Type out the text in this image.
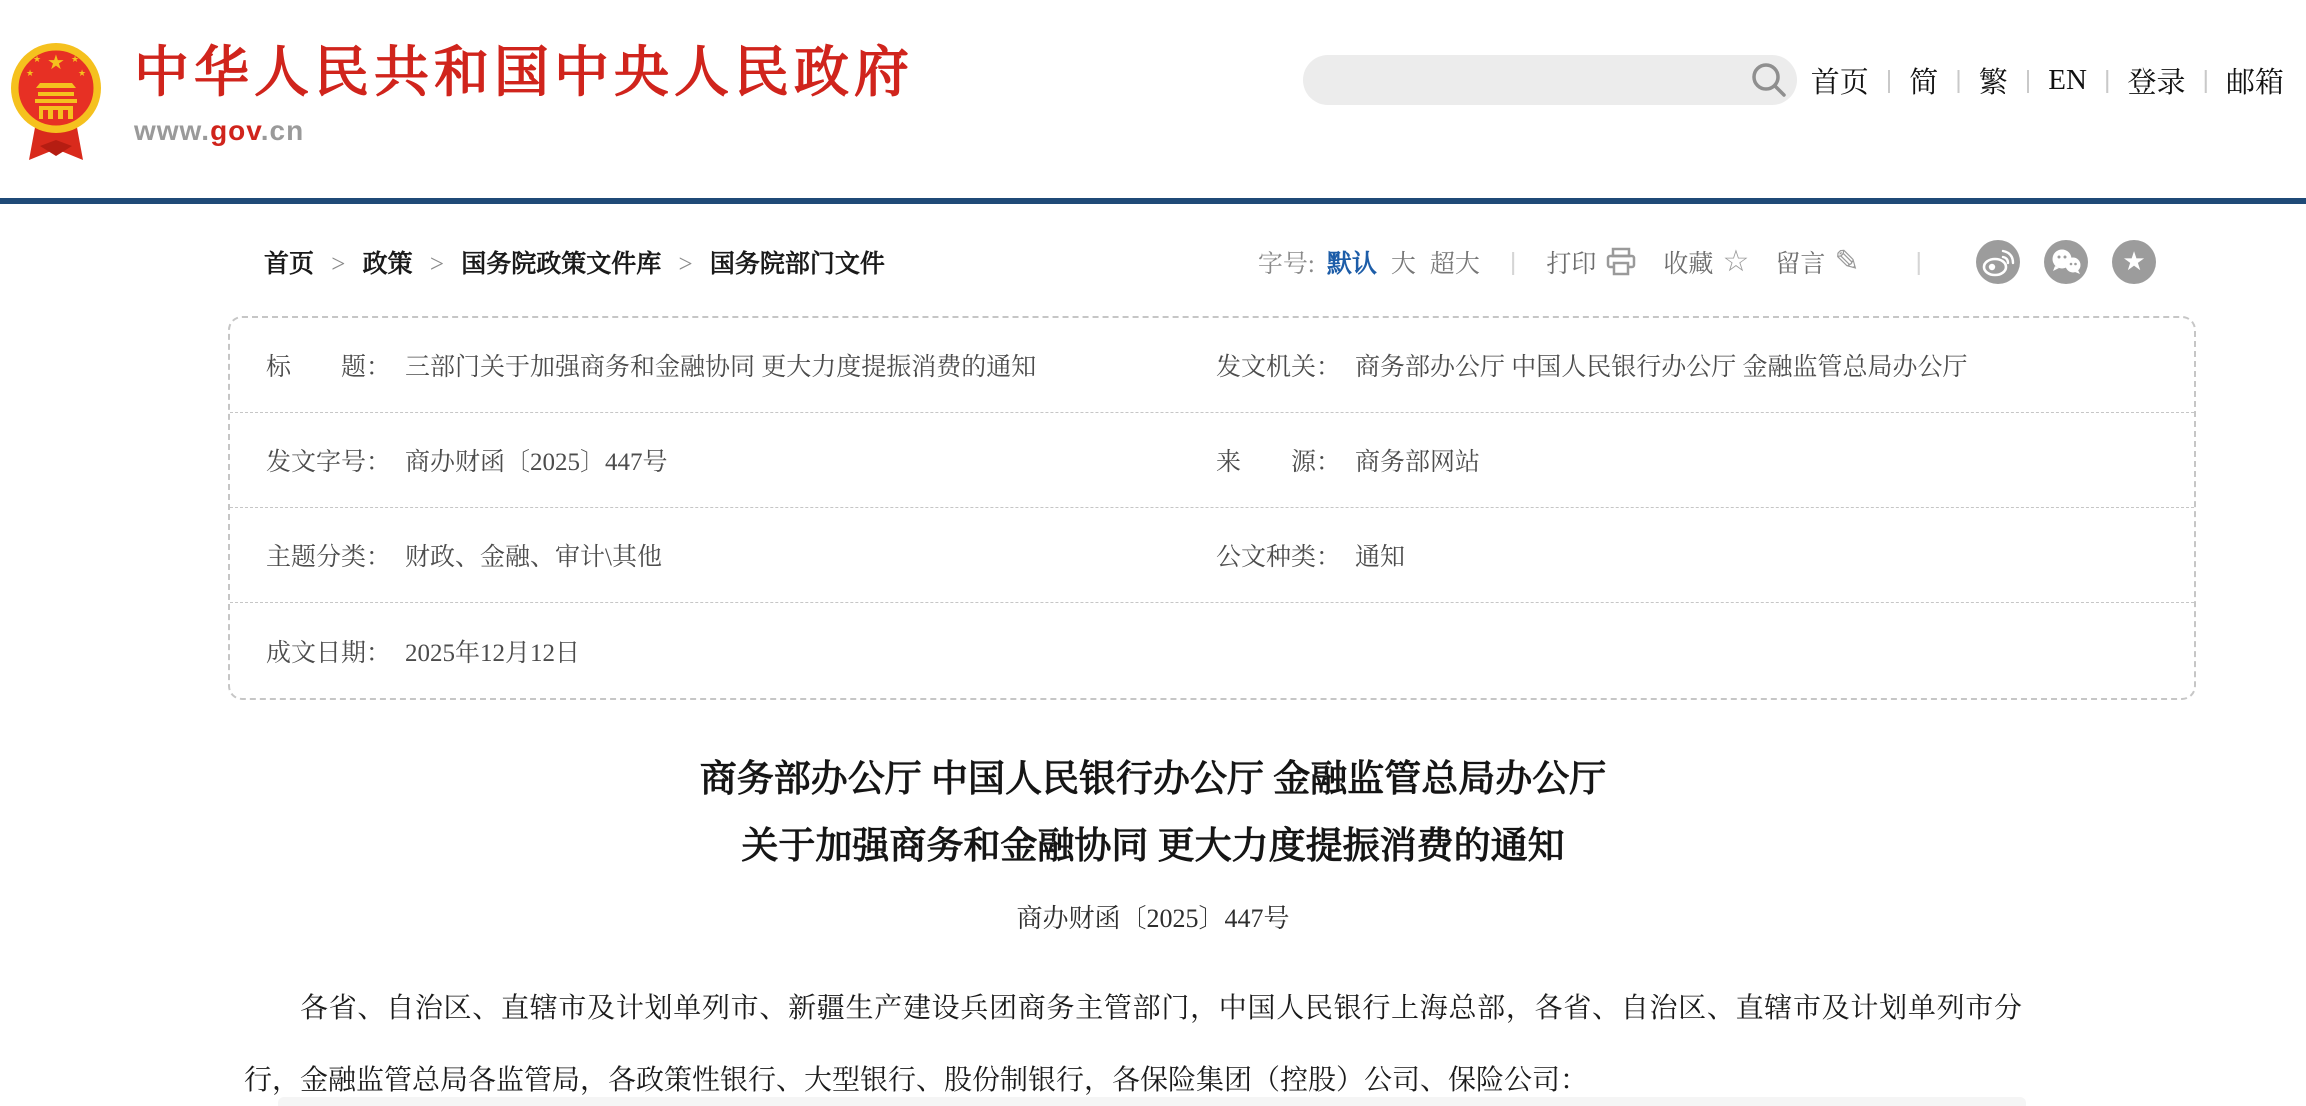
★
★	★
★	★ 中华人民共和国中央人民政府
www.gov.cn
首页 | 简 | 繁 | EN | 登录 | 邮箱
首页 > 政策 > 国务院政策文件库 > 国务院部门文件	字号: 默认 大 超大 | 打印	收藏 ☆ 留言 ✎ |	★
标　　题： 三部门关于加强商务和金融协同 更大力度提振消费的通知	发文机关： 商务部办公厅 中国人民银行办公厅 金融监管总局办公厅
发文字号： 商办财函〔2025〕447号	来　　源： 商务部网站
主题分类： 财政、金融、审计\其他	公文种类： 通知
成文日期： 2025年12月12日
商务部办公厅 中国人民银行办公厅 金融监管总局办公厅
关于加强商务和金融协同 更大力度提振消费的通知
商办财函〔2025〕447号

各省、自治区、直辖市及计划单列市、新疆生产建设兵团商务主管部门，中国人民银行上海总部，各省、自治区、直辖市及计划单列市分行，金融监管总局各监管局，各政策性银行、大型银行、股份制银行，各保险集团（控股）公司、保险公司：
